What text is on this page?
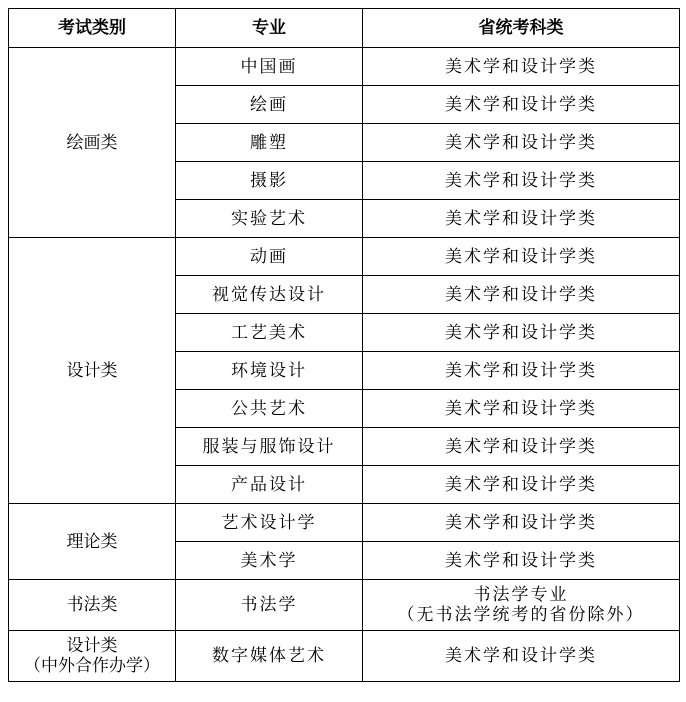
考试类别	专业	省统考科类
绘画类	中国画	美术学和设计学类
	绘画	美术学和设计学类
	雕塑	美术学和设计学类
	摄影	美术学和设计学类
	实验艺术	美术学和设计学类
设计类	动画	美术学和设计学类
	视觉传达设计	美术学和设计学类
	工艺美术	美术学和设计学类
	环境设计	美术学和设计学类
	公共艺术	美术学和设计学类
	服装与服饰设计	美术学和设计学类
	产品设计	美术学和设计学类
理论类	艺术设计学	美术学和设计学类
	美术学	美术学和设计学类
书法类	书法学	书法学专业
（无书法学统考的省份除外）

设计类
（中外合作办学）	数字媒体艺术	美术学和设计学类
